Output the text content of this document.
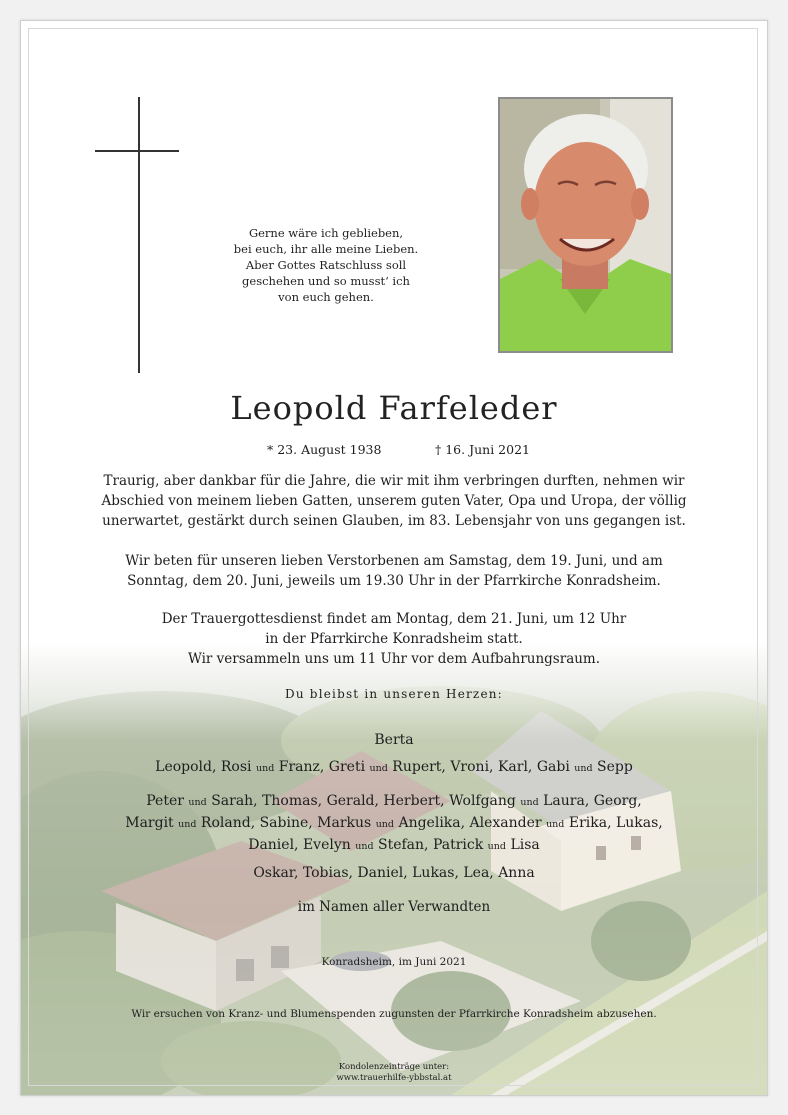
Gerne wäre ich geblieben,
bei euch, ihr alle meine Lieben.
Aber Gottes Ratschluss soll
geschehen und so musst‘ ich
von euch gehen.
Leopold Farfeleder
* 23. August 1938	† 16. Juni 2021
Traurig, aber dankbar für die Jahre, die wir mit ihm verbringen durften, nehmen wir
Abschied von meinem lieben Gatten, unserem guten Vater, Opa und Uropa, der völlig
unerwartet, gestärkt durch seinen Glauben, im 83. Lebensjahr von uns gegangen ist.
Wir beten für unseren lieben Verstorbenen am Samstag, dem 19. Juni, und am
Sonntag, dem 20. Juni, jeweils um 19.30 Uhr in der Pfarrkirche Konradsheim.
Der Trauergottesdienst findet am Montag, dem 21. Juni, um 12 Uhr
in der Pfarrkirche Konradsheim statt.
Wir versammeln uns um 11 Uhr vor dem Aufbahrungsraum.
Du bleibst in unseren Herzen:
Berta
Leopold, Rosi und Franz, Greti und Rupert, Vroni, Karl, Gabi und Sepp
Peter und Sarah, Thomas, Gerald, Herbert, Wolfgang und Laura, Georg,
Margit und Roland, Sabine, Markus und Angelika, Alexander und Erika, Lukas,
Daniel, Evelyn und Stefan, Patrick und Lisa
Oskar, Tobias, Daniel, Lukas, Lea, Anna
im Namen aller Verwandten
Konradsheim, im Juni 2021
Wir ersuchen von Kranz- und Blumenspenden zugunsten der Pfarrkirche Konradsheim abzusehen.
Kondolenzeinträge unter:
www.trauerhilfe-ybbstal.at
